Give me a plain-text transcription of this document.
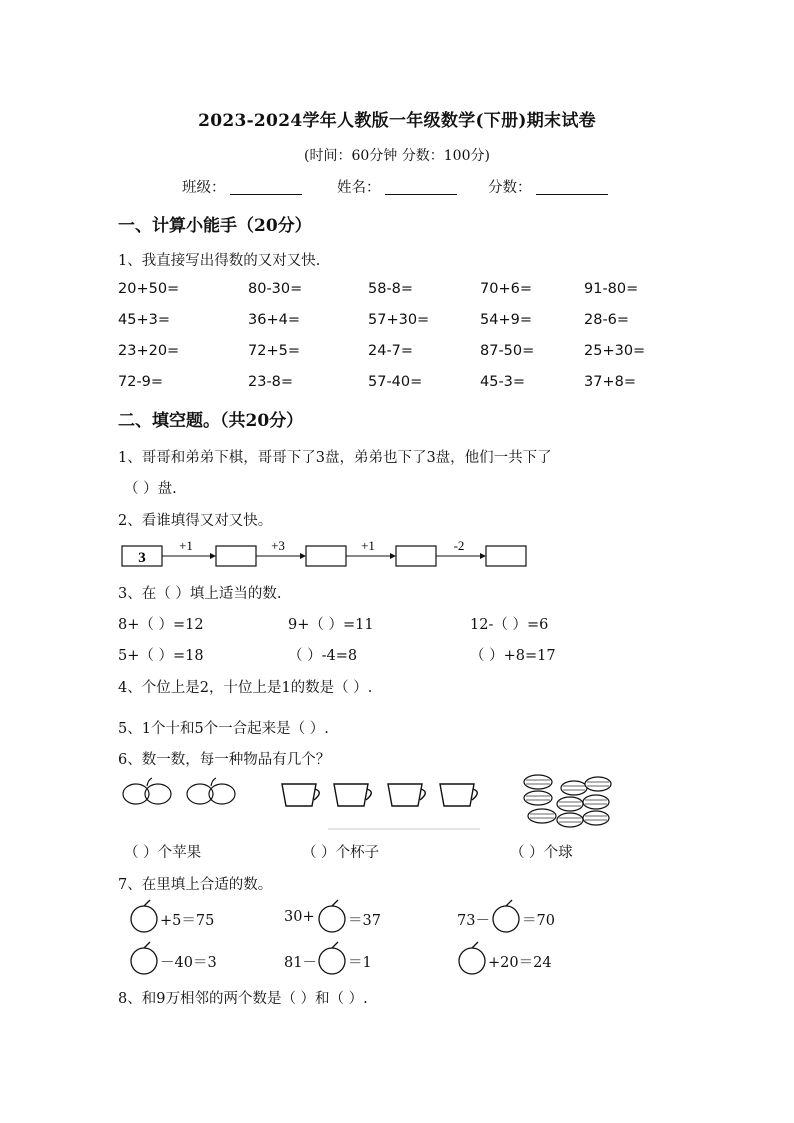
2023-2024学年人教版一年级数学(下册)期末试卷
(时间：60分钟 分数：100分)
班级：	姓名：	分数：
一、计算小能手（20分）
1、我直接写出得数的又对又快.
20+50=	80-30=	58-8=	70+6=	91-80=
45+3=	36+4=	57+30=	54+9=	28-6=
23+20=	72+5=	24-7=	87-50=	25+30=
72-9=	23-8=	57-40=	45-3=	37+8=
二、填空题。（共20分）
1、哥哥和弟弟下棋，哥哥下了3盘，弟弟也下了3盘，他们一共下了
（ ）盘.
2、看谁填得又对又快。
3
+1	+3	+1	-2
3、在（ ）填上适当的数.
8+（ ）=12	9+（ ）=11	12-（ ）=6
5+（ ）=18	（ ）-4=8	（ ）+8=17
4、个位上是2，十位上是1的数是（ ）.
5、1个十和5个一合起来是（ ）.
6、数一数，每一种物品有几个？
（ ）个苹果	（ ）个杯子	（ ）个球
7、在里填上合适的数。
+5＝75	30+ ＝37	73－ ＝70
－40＝3	81－ ＝1	+20＝24
8、和9万相邻的两个数是（ ）和（ ）.
